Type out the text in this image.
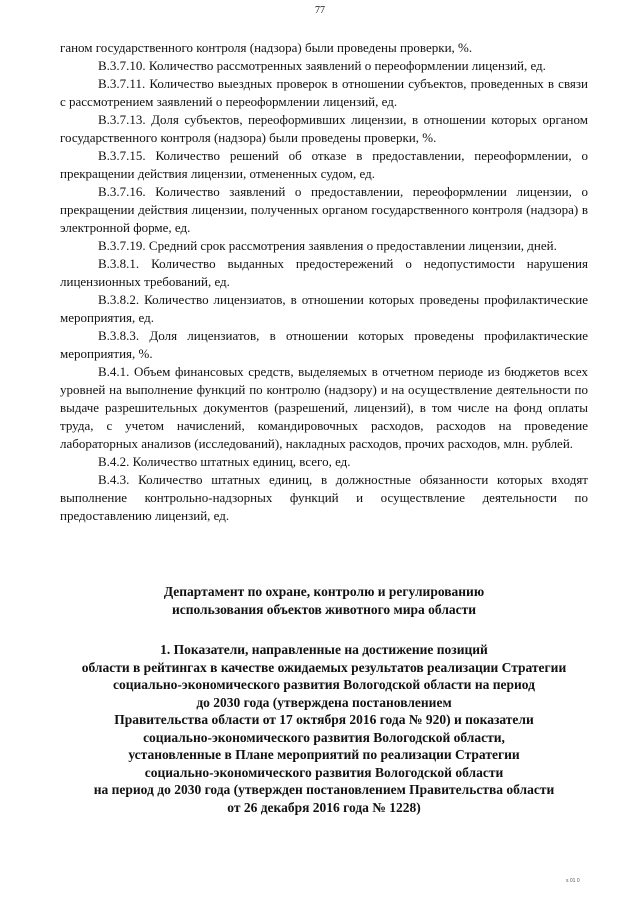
77

ганом государственного контроля (надзора) были проведены проверки, %.

В.3.7.10. Количество рассмотренных заявлений о переоформлении лицензий, ед.

В.3.7.11. Количество выездных проверок в отношении субъектов, проведенных в связи с рассмотрением заявлений о переоформлении лицензий, ед.

В.3.7.13. Доля субъектов, переоформивших лицензии, в отношении которых органом государственного контроля (надзора) были проведены проверки, %.

В.3.7.15. Количество решений об отказе в предоставлении, переоформлении, о прекращении действия лицензии, отмененных судом, ед.

В.3.7.16. Количество заявлений о предоставлении, переоформлении лицензии, о прекращении действия лицензии, полученных органом государственного контроля (надзора) в электронной форме, ед.

В.3.7.19. Средний срок рассмотрения заявления о предоставлении лицензии, дней.

В.3.8.1. Количество выданных предостережений о недопустимости нарушения лицензионных требований, ед.

В.3.8.2. Количество лицензиатов, в отношении которых проведены профилактические мероприятия, ед.

В.3.8.3. Доля лицензиатов, в отношении которых проведены профилактические мероприятия, %.

В.4.1. Объем финансовых средств, выделяемых в отчетном периоде из бюджетов всех уровней на выполнение функций по контролю (надзору) и на осуществление деятельности по выдаче разрешительных документов (разрешений, лицензий), в том числе на фонд оплаты труда, с учетом начислений, командировочных расходов, расходов на проведение лабораторных анализов (исследований), накладных расходов, прочих расходов, млн. рублей.

В.4.2. Количество штатных единиц, всего, ед.

В.4.3. Количество штатных единиц, в должностные обязанности которых входят выполнение контрольно-надзорных функций и осуществление деятельности по предоставлению лицензий, ед.

Департамент по охране, контролю и регулированию
использования объектов животного мира области
1. Показатели, направленные на достижение позиций
области в рейтингах в качестве ожидаемых результатов реализации Стратегии социально-экономического развития Вологодской области на период
до 2030 года (утверждена постановлением
Правительства области от 17 октября 2016 года № 920) и показатели
социально-экономического развития Вологодской области,
установленные в Плане мероприятий по реализации Стратегии
социально-экономического развития Вологодской области
на период до 2030 года (утвержден постановлением Правительства области
от 26 декабря 2016 года № 1228)
s 01 0
